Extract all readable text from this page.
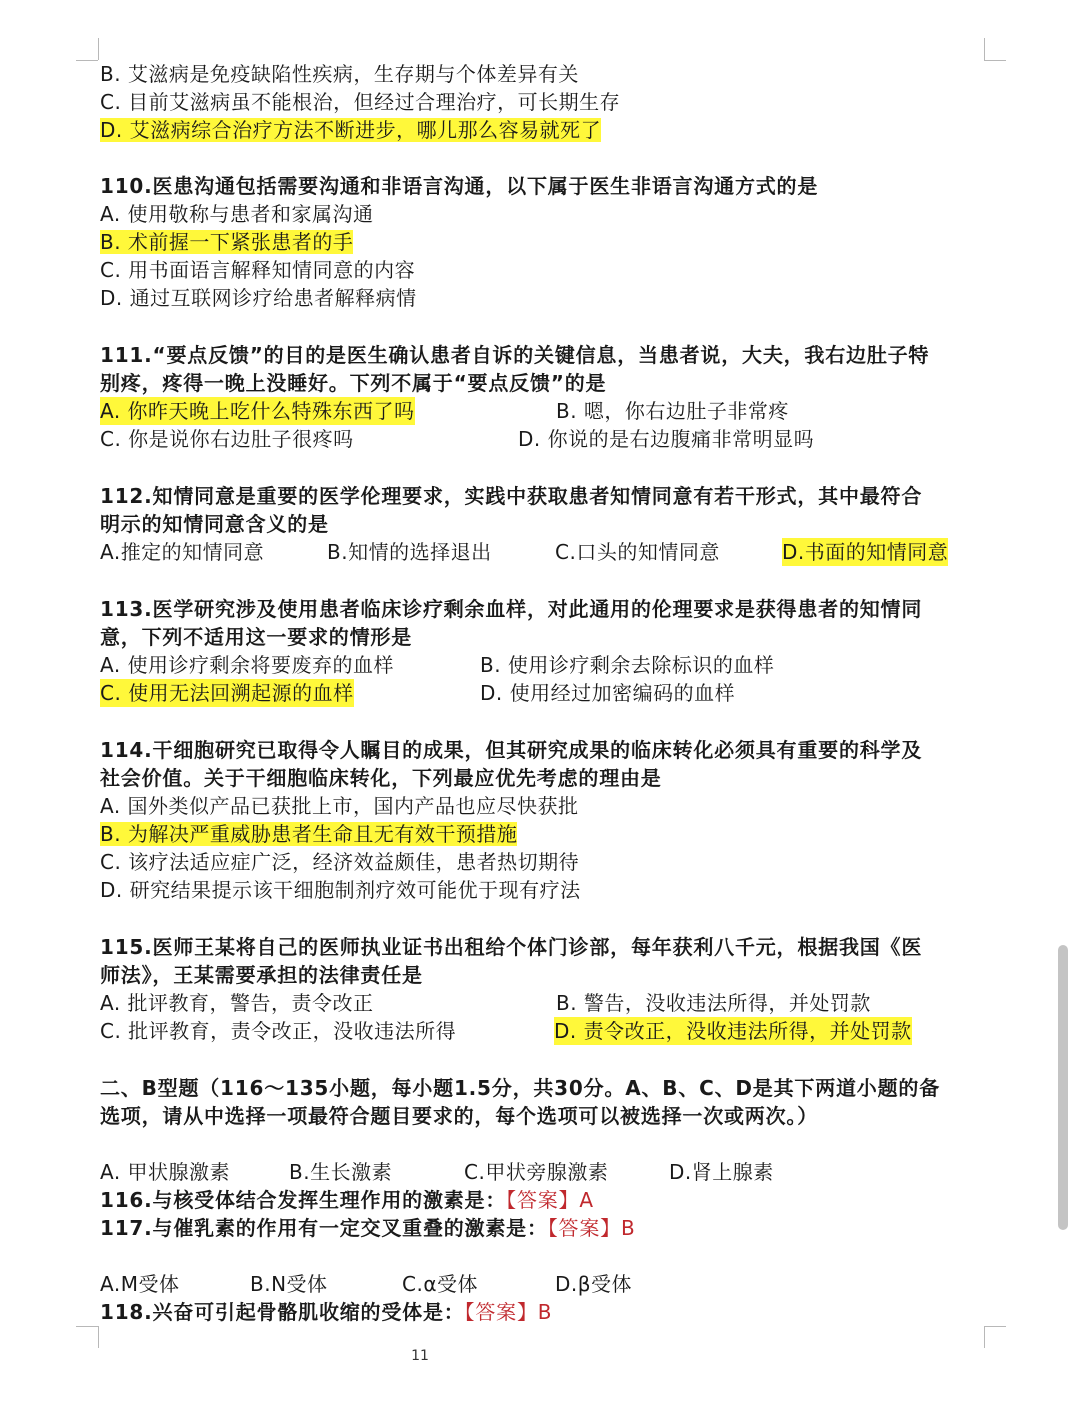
B. 艾滋病是免疫缺陷性疾病，生存期与个体差异有关
C. 目前艾滋病虽不能根治，但经过合理治疗，可长期生存
D. 艾滋病综合治疗方法不断进步，哪儿那么容易就死了
110.医患沟通包括需要沟通和非语言沟通，以下属于医生非语言沟通方式的是
A. 使用敬称与患者和家属沟通
B. 术前握一下紧张患者的手
C. 用书面语言解释知情同意的内容
D. 通过互联网诊疗给患者解释病情
111.“要点反馈”的目的是医生确认患者自诉的关键信息，当患者说，大夫，我右边肚子特
别疼，疼得一晚上没睡好。下列不属于“要点反馈”的是
A. 你昨天晚上吃什么特殊东西了吗	B. 嗯，你右边肚子非常疼
C. 你是说你右边肚子很疼吗	D. 你说的是右边腹痛非常明显吗
112.知情同意是重要的医学伦理要求，实践中获取患者知情同意有若干形式，其中最符合
明示的知情同意含义的是
A.推定的知情同意	B.知情的选择退出	C.口头的知情同意	D.书面的知情同意
113.医学研究涉及使用患者临床诊疗剩余血样，对此通用的伦理要求是获得患者的知情同
意，下列不适用这一要求的情形是
A. 使用诊疗剩余将要废弃的血样	B. 使用诊疗剩余去除标识的血样
C. 使用无法回溯起源的血样	D. 使用经过加密编码的血样
114.干细胞研究已取得令人瞩目的成果，但其研究成果的临床转化必须具有重要的科学及
社会价值。关于干细胞临床转化，下列最应优先考虑的理由是
A. 国外类似产品已获批上市，国内产品也应尽快获批
B. 为解决严重威胁患者生命且无有效干预措施
C. 该疗法适应症广泛，经济效益颇佳，患者热切期待
D. 研究结果提示该干细胞制剂疗效可能优于现有疗法
115.医师王某将自己的医师执业证书出租给个体门诊部，每年获利八千元，根据我国《医
师法》，王某需要承担的法律责任是
A. 批评教育，警告，责令改正	B. 警告，没收违法所得，并处罚款
C. 批评教育，责令改正，没收违法所得	D. 责令改正，没收违法所得，并处罚款
二、B型题（116～135小题，每小题1.5分，共30分。A、B、C、D是其下两道小题的备
选项，请从中选择一项最符合题目要求的，每个选项可以被选择一次或两次。）
A. 甲状腺激素	B.生长激素	C.甲状旁腺激素	D.肾上腺素
116.与核受体结合发挥生理作用的激素是：【答案】A
117.与催乳素的作用有一定交叉重叠的激素是：【答案】B
A.M受体	B.N受体	C.α受体	D.β受体
118.兴奋可引起骨骼肌收缩的受体是：【答案】B
11
